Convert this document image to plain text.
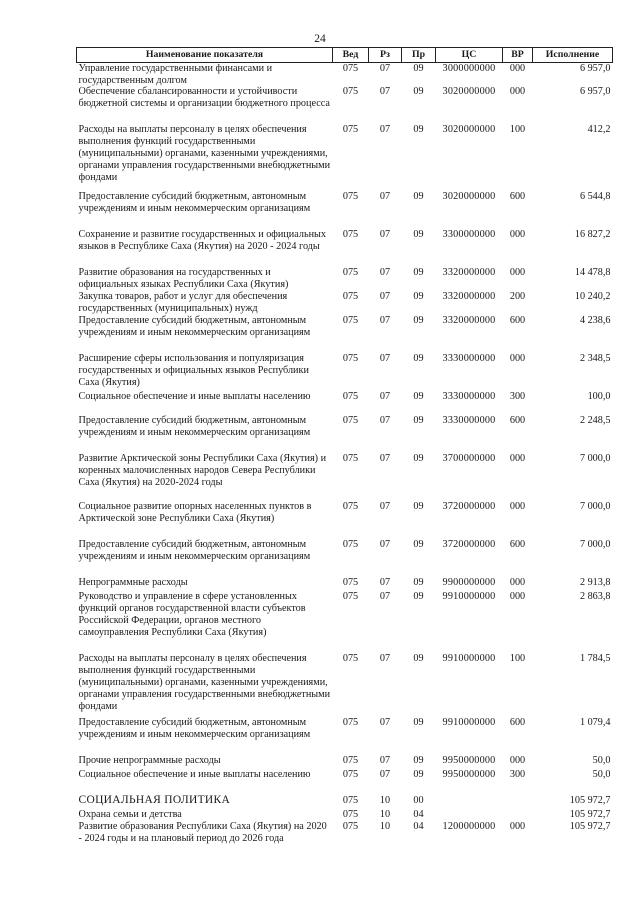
24
Наименование показателя	Вед	Рз	Пр	ЦС	ВР	Исполнение
Управление государственными финансами и государственным долгом	075	07	09	3000000000	000	6 957,0
Обеспечение сбалансированности и устойчивости бюджетной системы и организации бюджетного процесса	075	07	09	3020000000	000	6 957,0
Расходы на выплаты персоналу в целях обеспечения выполнения функций государственными (муниципальными) органами, казенными учреждениями, органами управления государственными внебюджетными фондами	075	07	09	3020000000	100	412,2
Предоставление субсидий бюджетным, автономным учреждениям и иным некоммерческим организациям	075	07	09	3020000000	600	6 544,8
Сохранение и развитие государственных и официальных языков в Республике Саха (Якутия) на 2020 - 2024 годы	075	07	09	3300000000	000	16 827,2
Развитие образования на государственных и официальных языках Республики Саха (Якутия)	075	07	09	3320000000	000	14 478,8
Закупка товаров, работ и услуг для обеспечения государственных (муниципальных) нужд	075	07	09	3320000000	200	10 240,2
Предоставление субсидий бюджетным, автономным учреждениям и иным некоммерческим организациям	075	07	09	3320000000	600	4 238,6
Расширение сферы использования и популяризация государственных и официальных языков Республики Саха (Якутия)	075	07	09	3330000000	000	2 348,5
Социальное обеспечение и иные выплаты населению	075	07	09	3330000000	300	100,0
Предоставление субсидий бюджетным, автономным учреждениям и иным некоммерческим организациям	075	07	09	3330000000	600	2 248,5
Развитие Арктической зоны Республики Саха (Якутия) и коренных малочисленных народов Севера Республики Саха (Якутия) на 2020-2024 годы	075	07	09	3700000000	000	7 000,0
Социальное развитие опорных населенных пунктов в Арктической зоне Республики Саха (Якутия)	075	07	09	3720000000	000	7 000,0
Предоставление субсидий бюджетным, автономным учреждениям и иным некоммерческим организациям	075	07	09	3720000000	600	7 000,0
Непрограммные расходы	075	07	09	9900000000	000	2 913,8
Руководство и управление в сфере установленных функций органов государственной власти субъектов Российской Федерации, органов местного самоуправления Республики Саха (Якутия)	075	07	09	9910000000	000	2 863,8
Расходы на выплаты персоналу в целях обеспечения выполнения функций государственными (муниципальными) органами, казенными учреждениями, органами управления государственными внебюджетными фондами	075	07	09	9910000000	100	1 784,5
Предоставление субсидий бюджетным, автономным учреждениям и иным некоммерческим организациям	075	07	09	9910000000	600	1 079,4
Прочие непрограммные расходы	075	07	09	9950000000	000	50,0
Социальное обеспечение и иные выплаты населению	075	07	09	9950000000	300	50,0
СОЦИАЛЬНАЯ ПОЛИТИКА	075	10	00			105 972,7
Охрана семьи и детства	075	10	04			105 972,7
Развитие образования Республики Саха (Якутия) на 2020 - 2024 годы и на плановый период до 2026 года	075	10	04	1200000000	000	105 972,7
